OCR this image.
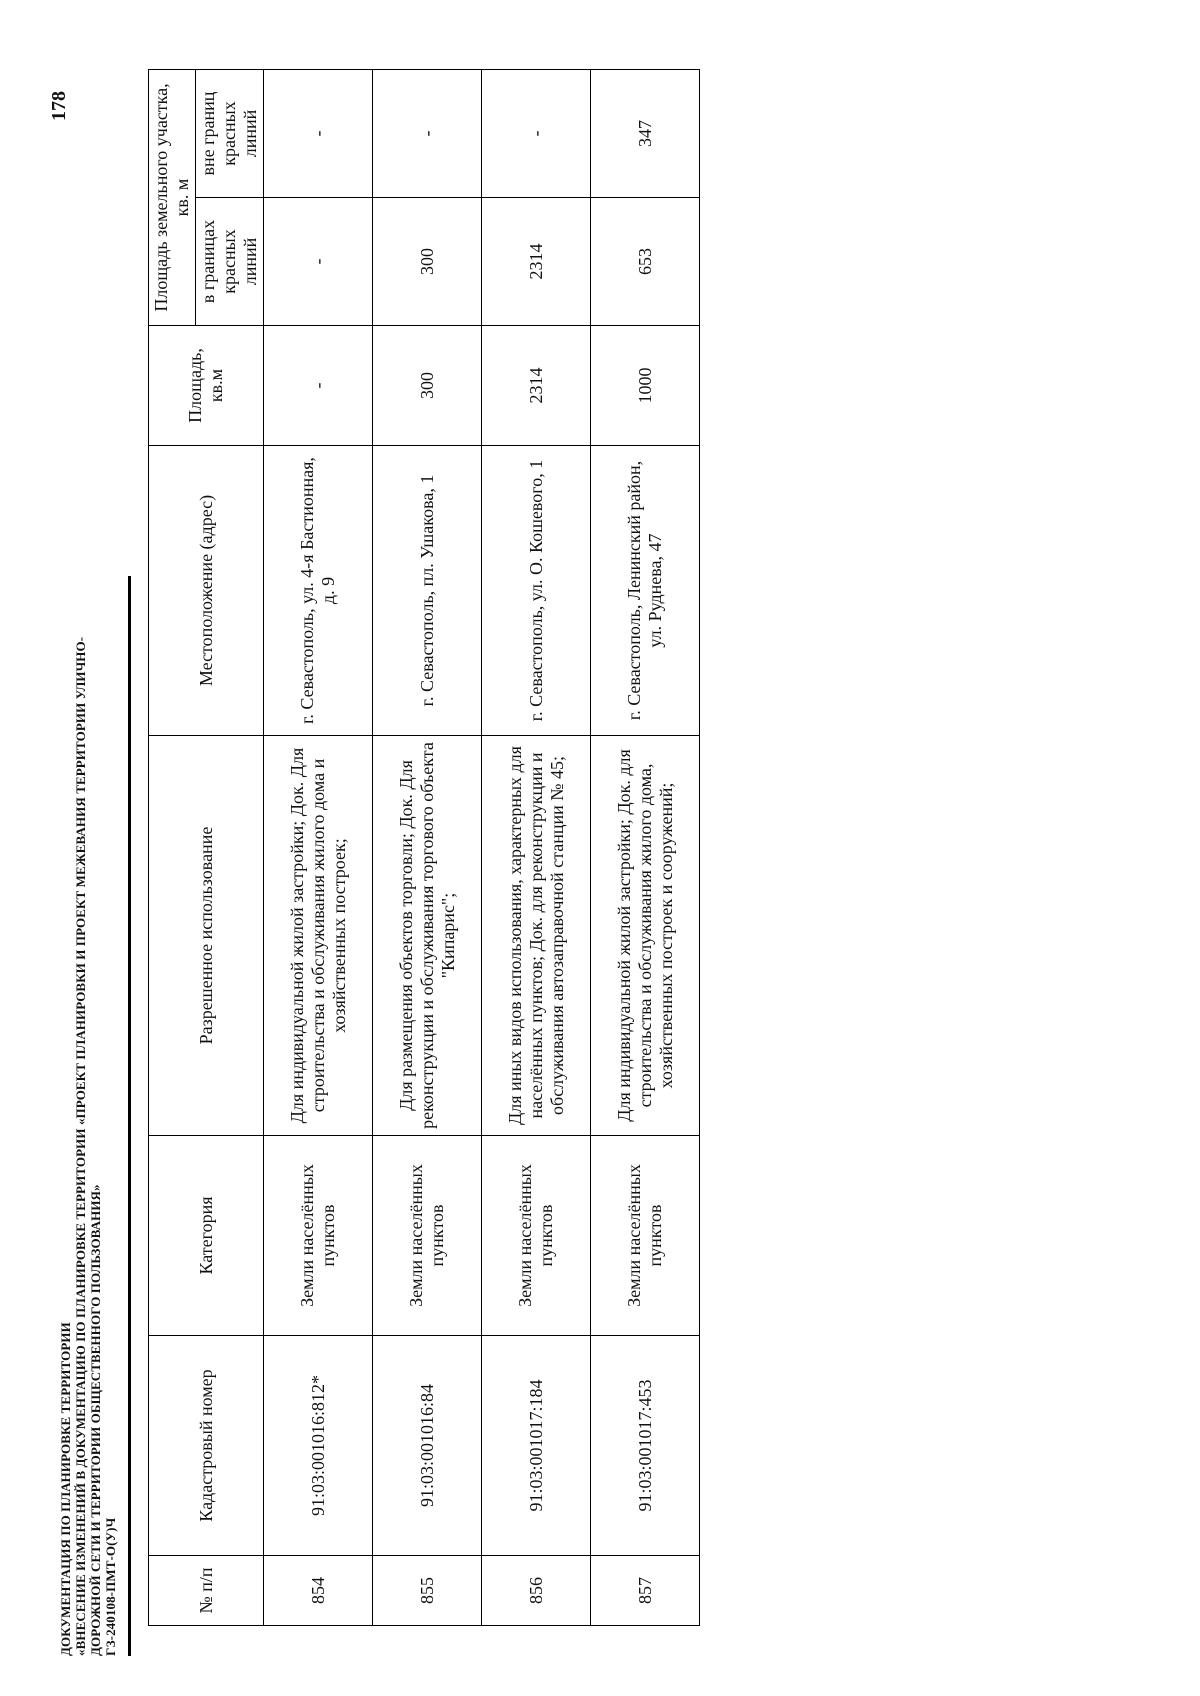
ДОКУМЕНТАЦИЯ ПО ПЛАНИРОВКЕ ТЕРРИТОРИИ «ВНЕСЕНИЕ ИЗМЕНЕНИЙ В ДОКУМЕНТАЦИЮ ПО ПЛАНИРОВКЕ ТЕРРИТОРИИ «ПРОЕКТ ПЛАНИРОВКИ И ПРОЕКТ МЕЖЕВАНИЯ ТЕРРИТОРИИ УЛИЧНО- ДОРОЖНОЙ СЕТИ И ТЕРРИТОРИИ ОБЩЕСТВЕННОГО ПОЛЬЗОВАНИЯ» ГЗ-240108-ПМТ-О(У)Ч
178
№ п/п	Кадастровый номер	Категория	Разрешенное использование	Местоположение (адрес)	Площадь, кв.м	Площадь земельного участка, кв. м	
						в границах красных линий	вне границ красных линий
854	91:03:001016:812*	Земли населённых пунктов	Для индивидуальной жилой застройки; Док. Для строительства и обслуживания жилого дома и хозяйственных построек;	г. Севастополь, ул. 4-я Бастионная, д. 9	-	-	-
855	91:03:001016:84	Земли населённых пунктов	Для размещения объектов торговли; Док. Для реконструкции и обслуживания торгового объекта "Кипарис";	г. Севастополь, пл. Ушакова, 1	300	300	-
856	91:03:001017:184	Земли населённых пунктов	Для иных видов использования, характерных для населённых пунктов; Док. для реконструкции и обслуживания автозаправочной станции № 45;	г. Севастополь, ул. О. Кошевого, 1	2314	2314	-
857	91:03:001017:453	Земли населённых пунктов	Для индивидуальной жилой застройки; Док. для строительства и обслуживания жилого дома, хозяйственных построек и сооружений;	г. Севастополь, Ленинский район, ул. Руднева, 47	1000	653	347
